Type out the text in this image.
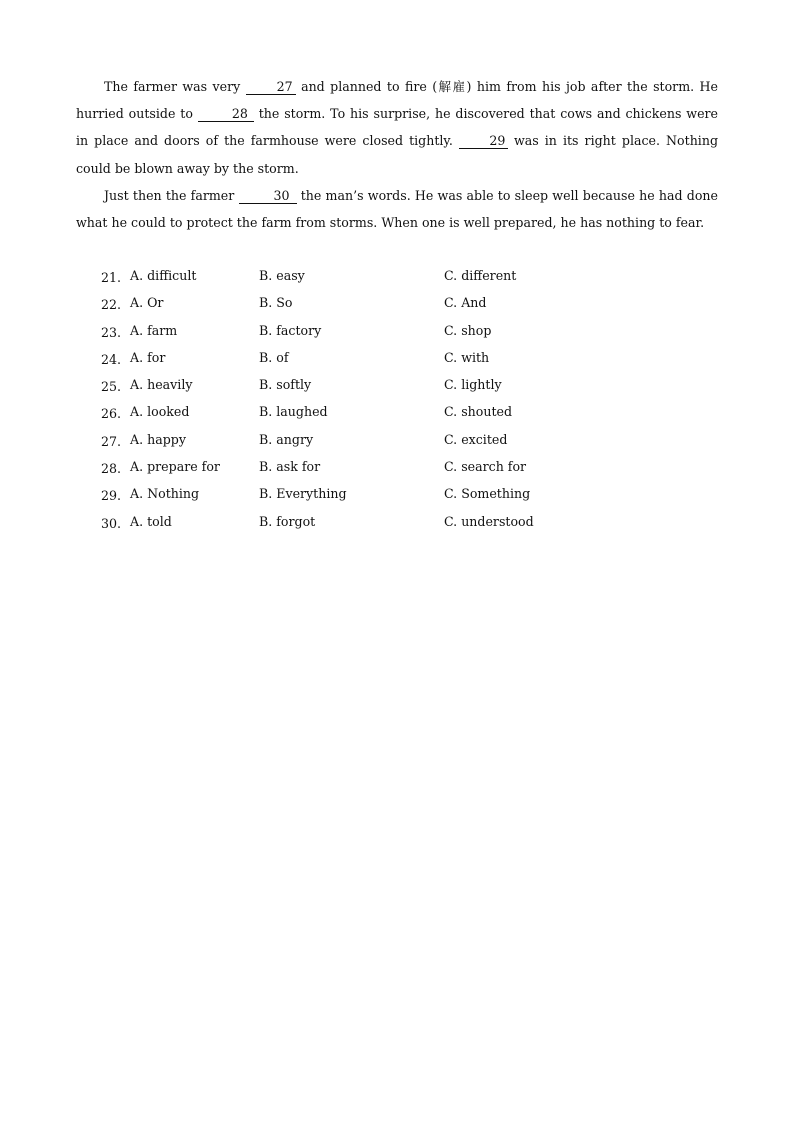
The farmer was very 27 and planned to fire (解雇) him from his job after the storm. He hurried outside to	28 the storm. To his surprise, he discovered that cows and chickens were in place and doors of the farmhouse were closed tightly. 29 was in its right place. Nothing could be blown away by the storm.

Just then the farmer	30 the man’s words. He was able to sleep well because he had done what he could to protect the farm from storms. When one is well prepared, he has nothing to fear.

21. A. difficult	B. easy	C. different
22. A. Or	B. So	C. And
23. A. farm	B. factory	C. shop
24. A. for	B. of	C. with
25. A. heavily	B. softly	C. lightly
26. A. looked	B. laughed	C. shouted
27. A. happy	B. angry	C. excited
28. A. prepare for	B. ask for	C. search for
29. A. Nothing	B. Everything	C. Something
30. A. told	B. forgot	C. understood
